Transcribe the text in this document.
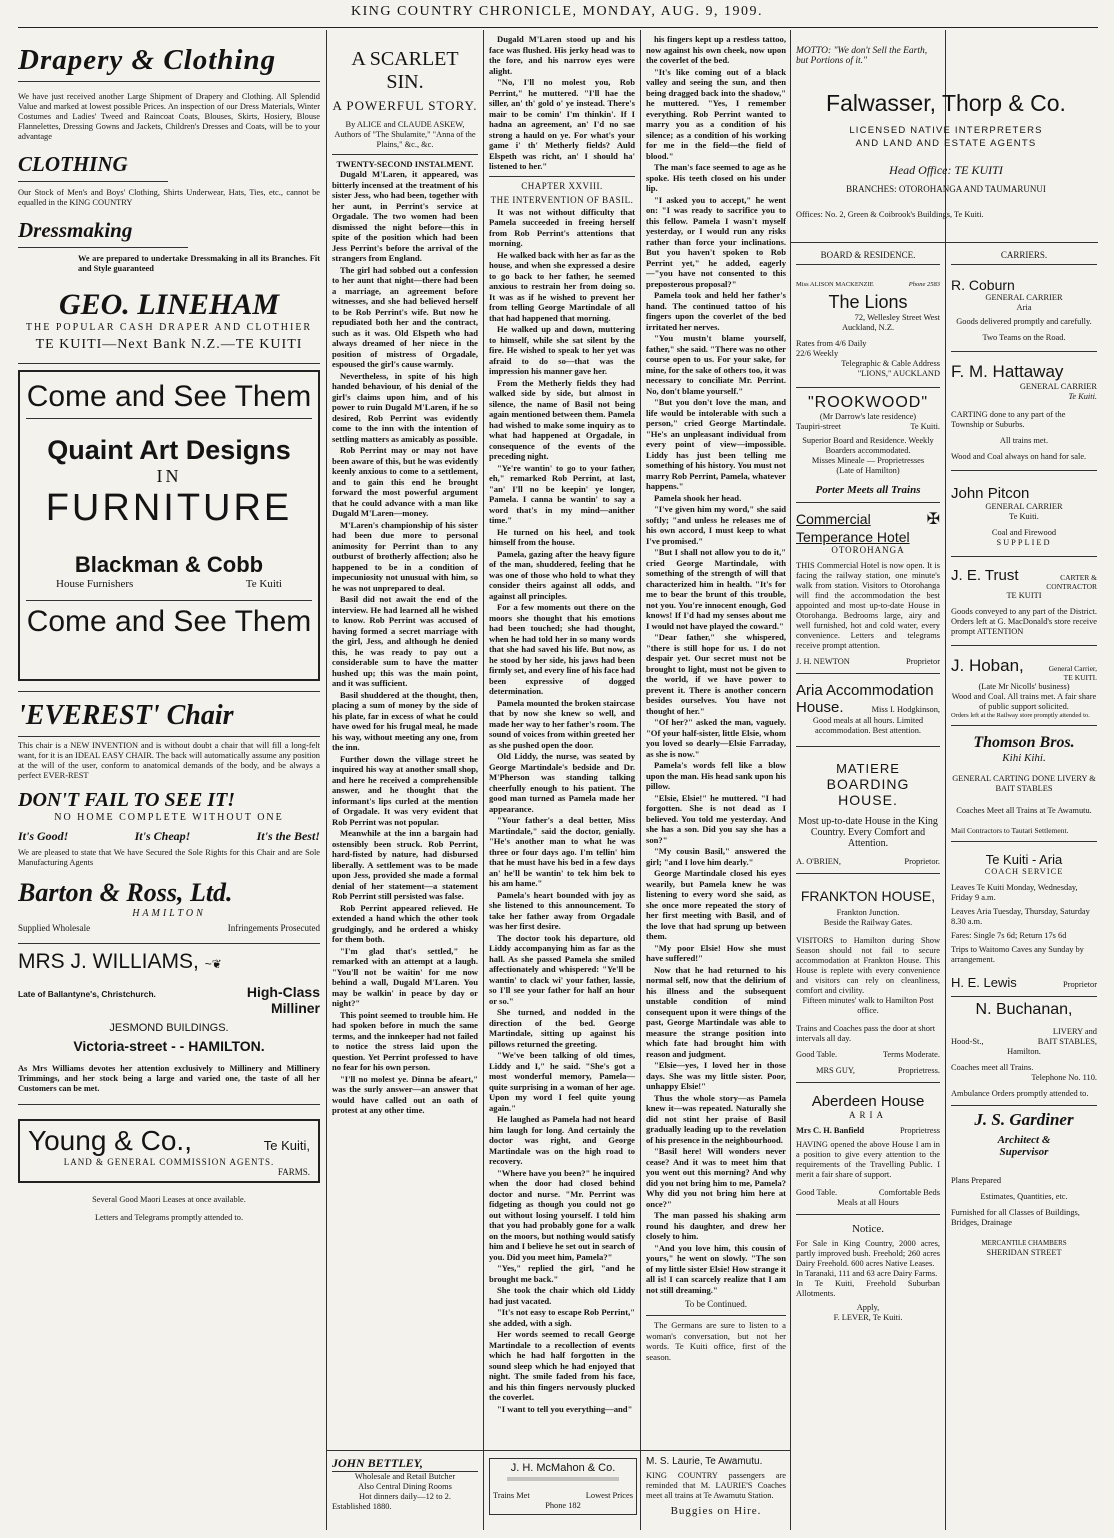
KING COUNTRY CHRONICLE, MONDAY, AUG. 9, 1909.
Drapery & Clothing
We have just received another Large Shipment of Drapery and Clothing. All Splendid Value and marked at lowest possible Prices. An inspection of our Dress Materials, Winter Costumes and Ladies' Tweed and Raincoat Coats, Blouses, Skirts, Hosiery, Blouse Flannelettes, Dressing Gowns and Jackets, Children's Dresses and Coats, will be to your advantage
CLOTHING
Our Stock of Men's and Boys' Clothing, Shirts Underwear, Hats, Ties, etc., cannot be equalled in the KING COUNTRY
Dressmaking
We are prepared to undertake Dressmaking in all its Branches. Fit and Style guaranteed
GEO. LINEHAM
THE POPULAR CASH DRAPER AND CLOTHIER
TE KUITI—Next Bank N.Z.—TE KUITI
Come and See Them
Quaint Art Designs
IN
FURNITURE
Blackman & Cobb
House Furnishers	Te Kuiti
Come and See Them
'EVEREST' Chair
This chair is a NEW INVENTION and is without doubt a chair that will fill a long-felt want, for it is an IDEAL EASY CHAIR. The back will automatically assume any position at the will of the user, conform to anatomical demands of the body, and be always a perfect EVER-REST
DON'T FAIL TO SEE IT!
NO HOME COMPLETE WITHOUT ONE
It's Good!	It's Cheap!	It's the Best!
We are pleased to state that We have Secured the Sole Rights for this Chair and are Sole Manufacturing Agents
Barton & Ross, Ltd.
HAMILTON
Supplied Wholesale	Infringements Prosecuted
MRS J. WILLIAMS, ~❦
Late of Ballantyne's, Christchurch.	High-Class
Milliner
JESMOND BUILDINGS.
Victoria-street - - HAMILTON.
As Mrs Williams devotes her attention exclusively to Millinery and Millinery Trimmings, and her stock being a large and varied one, the taste of all her Customers can be met.
Young & Co.,	Te Kuiti,
LAND & GENERAL COMMISSION AGENTS.
FARMS.
Several Good Maori Leases at once available.
Letters and Telegrams promptly attended to.
A SCARLET SIN.
A POWERFUL STORY.
By ALICE and CLAUDE ASKEW, Authors of "The Shulamite," "Anna of the Plains," &c., &c.
TWENTY-SECOND INSTALMENT.

Dugald M'Laren, it appeared, was bitterly incensed at the treatment of his sister Jess, who had been, together with her aunt, in Perrint's service at Orgadale. The two women had been dismissed the night before—this in spite of the position which had been Jess Perrint's before the arrival of the strangers from England.

The girl had sobbed out a confession to her aunt that night—there had been a marriage, an agreement before witnesses, and she had believed herself to be Rob Perrint's wife. But now he repudiated both her and the contract, such as it was. Old Elspeth who had always dreamed of her niece in the position of mistress of Orgadale, espoused the girl's cause warmly.

Nevertheless, in spite of his high handed behaviour, of his denial of the girl's claims upon him, and of his power to ruin Dugald M'Laren, if he so desired, Rob Perrint was evidently come to the inn with the intention of settling matters as amicably as possible.

Rob Perrint may or may not have been aware of this, but he was evidently keenly anxious to come to a settlement, and to gain this end he brought forward the most powerful argument that he could advance with a man like Dugald M'Laren—money.

M'Laren's championship of his sister had been due more to personal animosity for Perrint than to any outburst of brotherly affection; also he happened to be in a condition of impecuniosity not unusual with him, so he was not unprepared to deal.

Basil did not await the end of the interview. He had learned all he wished to know. Rob Perrint was accused of having formed a secret marriage with the girl, Jess, and although he denied this, he was ready to pay out a considerable sum to have the matter hushed up; this was the main point, and it was sufficient.

Basil shuddered at the thought, then, placing a sum of money by the side of his plate, far in excess of what he could have owed for his frugal meal, he made his way, without meeting any one, from the inn.

Further down the village street he inquired his way at another small shop, and here he received a comprehensible answer, and he thought that the informant's lips curled at the mention of Orgadale. It was very evident that Rob Perrint was not popular.

Meanwhile at the inn a bargain had ostensibly been struck. Rob Perrint, hard-fisted by nature, had disbursed liberally. A settlement was to be made upon Jess, provided she made a formal denial of her statement—a statement Rob Perrint still persisted was false.

Rob Perrint appeared relieved. He extended a hand which the other took grudgingly, and he ordered a whisky for them both.

"I'm glad that's settled," he remarked with an attempt at a laugh. "You'll not be waitin' for me now behind a wall, Dugald M'Laren. You may be walkin' in peace by day or night?"

This point seemed to trouble him. He had spoken before in much the same terms, and the innkeeper had not failed to notice the stress laid upon the question. Yet Perrint professed to have no fear for his own person.

"I'll no molest ye. Dinna be afeart," was the surly answer—an answer that would have called out an oath of protest at any other time.

Dugald M'Laren stood up and his face was flushed. His jerky head was to the fore, and his narrow eyes were alight.

"No, I'll no molest you, Rob Perrint," he muttered. "I'll hae the siller, an' th' gold o' ye instead. There's mair to be comin' I'm thinkin'. If I hadna an agreement, an' I'd no sae strong a hauld on ye. For what's your game i' th' Metherly fields? Auld Elspeth was richt, an' I should ha' listened to her."

CHAPTER XXVIII.
THE INTERVENTION OF BASIL.

It was not without difficulty that Pamela succeeded in freeing herself from Rob Perrint's attentions that morning.

He walked back with her as far as the house, and when she expressed a desire to go back to her father, he seemed anxious to restrain her from doing so. It was as if he wished to prevent her from telling George Martindale of all that had happened that morning.

He walked up and down, muttering to himself, while she sat silent by the fire. He wished to speak to her yet was afraid to do so—that was the impression his manner gave her.

From the Metherly fields they had walked side by side, but almost in silence, the name of Basil not being again mentioned between them. Pamela had wished to make some inquiry as to what had happened at Orgadale, in consequence of the events of the preceding night.

"Ye're wantin' to go to your father, eh," remarked Rob Perrint, at last, "an' I'll no be keepin' ye longer, Pamela. I canna be wantin' to say a word that's in my mind—anither time."

He turned on his heel, and took himself from the house.

Pamela, gazing after the heavy figure of the man, shuddered, feeling that he was one of those who hold to what they consider theirs against all odds, and against all principles.

For a few moments out there on the moors she thought that his emotions had been touched; she had thought, when he had told her in so many words that she had saved his life. But now, as he stood by her side, his jaws had been firmly set, and every line of his face had been expressive of dogged determination.

Pamela mounted the broken staircase that by now she knew so well, and made her way to her father's room. The sound of voices from within greeted her as she pushed open the door.

Old Liddy, the nurse, was seated by George Martindale's bedside and Dr. M'Pherson was standing talking cheerfully enough to his patient. The good man turned as Pamela made her appearance.

"Your father's a deal better, Miss Martindale," said the doctor, genially. "He's another man to what he was three or four days ago. I'm tellin' him that he must have his bed in a few days an' he'll be wantin' to tek him bek to his am hame."

Pamela's heart bounded with joy as she listened to this announcement. To take her father away from Orgadale was her first desire.

The doctor took his departure, old Liddy accompanying him as far as the hall. As she passed Pamela she smiled affectionately and whispered: "Ye'll be wantin' to clack wi' your father, lassie, so I'll see your father for half an hour or so."

She turned, and nodded in the direction of the bed. George Martindale, sitting up against his pillows returned the greeting.

"We've been talking of old times, Liddy and I," he said. "She's got a most wonderful memory, Pamela—quite surprising in a woman of her age. Upon my word I feel quite young again."

He laughed as Pamela had not heard him laugh for long. And certainly the doctor was right, and George Martindale was on the high road to recovery.

"Where have you been?" he inquired when the door had closed behind doctor and nurse. "Mr. Perrint was fidgeting as though you could not go out without losing yourself. I told him that you had probably gone for a walk on the moors, but nothing would satisfy him and I believe he set out in search of you. Did you meet him, Pamela?"

"Yes," replied the girl, "and he brought me back."

She took the chair which old Liddy had just vacated.

"It's not easy to escape Rob Perrint," she added, with a sigh.

Her words seemed to recall George Martindale to a recollection of events which he had half forgotten in the sound sleep which he had enjoyed that night. The smile faded from his face, and his thin fingers nervously plucked the coverlet.

"I want to tell you everything—and"

his fingers kept up a restless tattoo, now against his own cheek, now upon the coverlet of the bed.

"It's like coming out of a black valley and seeing the sun, and then being dragged back into the shadow," he muttered. "Yes, I remember everything. Rob Perrint wanted to marry you as a condition of his silence; as a condition of his working for me in the field—the field of blood."

The man's face seemed to age as he spoke. His teeth closed on his under lip.

"I asked you to accept," he went on: "I was ready to sacrifice you to this fellow. Pamela I wasn't myself yesterday, or I would run any risks rather than force your inclinations. But you haven't spoken to Rob Perrint yet," he added, eagerly —"you have not consented to this preposterous proposal?"

Pamela took and held her father's hand. The continued tattoo of his fingers upon the coverlet of the bed irritated her nerves.

"You mustn't blame yourself, father," she said. "There was no other course open to us. For your sake, for mine, for the sake of others too, it was necessary to conciliate Mr. Perrint. No, don't blame yourself."

"But you don't love the man, and life would be intolerable with such a person," cried George Martindale. "He's an unpleasant individual from every point of view—impossible. Liddy has just been telling me something of his history. You must not marry Rob Perrint, Pamela, whatever happens."

Pamela shook her head.

"I've given him my word," she said softly; "and unless he releases me of his own accord, I must keep to what I've promised."

"But I shall not allow you to do it," cried George Martindale, with something of the strength of will that characterized him in health. "It's for me to bear the brunt of this trouble, not you. You're innocent enough, God knows! If I'd had my senses about me I would not have played the coward."

"Dear father," she whispered, "there is still hope for us. I do not despair yet. Our secret must not be brought to light, must not be given to the world, if we have power to prevent it. There is another concern besides ourselves. You have not thought of her."

"Of her?" asked the man, vaguely. "Of your half-sister, little Elsie, whom you loved so dearly—Elsie Farraday, as she is now."

Pamela's words fell like a blow upon the man. His head sank upon his pillow.

"Elsie, Elsie!" he muttered. "I had forgotten. She is not dead as I believed. You told me yesterday. And she has a son. Did you say she has a son?"

"My cousin Basil," answered the girl; "and I love him dearly."

George Martindale closed his eyes wearily, but Pamela knew he was listening to every word she said, as she once more repeated the story of her first meeting with Basil, and of the love that had sprung up between them.

"My poor Elsie! How she must have suffered!"

Now that he had returned to his normal self, now that the delirium of his illness and the subsequent unstable condition of mind consequent upon it were things of the past, George Martindale was able to measure the strange position into which fate had brought him with reason and judgment.

"Elsie—yes, I loved her in those days. She was my little sister. Poor, unhappy Elsie!"

Thus the whole story—as Pamela knew it—was repeated. Naturally she did not stint her praise of Basil gradually leading up to the revelation of his presence in the neighbourhood.

"Basil here! Will wonders never cease? And it was to meet him that you went out this morning? And why did you not bring him to me, Pamela? Why did you not bring him here at once?"

The man passed his shaking arm round his daughter, and drew her closely to him.

"And you love him, this cousin of yours," he went on slowly. "The son of my little sister Elsie! How strange it all is! I can scarcely realize that I am not still dreaming."

To be Continued.

The Germans are sure to listen to a woman's conversation, but not her words. Te Kuiti office, first of the season.

JOHN BETTLEY,
Wholesale and Retail Butcher
Also Central Dining Rooms
Hot dinners daily—12 to 2.
Established 1880.
J. H. McMahon & Co.
Trains Met	Lowest Prices
Phone 182
M. S. Laurie, Te Awamutu.
KING COUNTRY passengers are reminded that M. LAURIE'S Coaches meet all trains at Te Awamutu Station.
Buggies on Hire.
MOTTO: "We don't Sell the Earth, but Portions of it."
Falwasser, Thorp & Co.
LICENSED NATIVE INTERPRETERS
AND LAND AND ESTATE AGENTS
Head Office: TE KUITI
BRANCHES: OTOROHANGA AND TAUMARUNUI
Offices: No. 2, Green & Coibrook's Buildings, Te Kuiti.
BOARD & RESIDENCE.
Miss ALISON MACKENZIE	Phone 2583
The Lions
72, Wellesley Street West
Auckland, N.Z.
Rates from 4/6 Daily
22/6 Weekly
Telegraphic & Cable Address
"LIONS," AUCKLAND
"ROOKWOOD"
(Mr Darrow's late residence)
Taupiri-street	Te Kuiti.
Superior Board and Residence. Weekly Boarders accommodated.
Misses Mineale — Proprietresses
(Late of Hamilton)
Porter Meets all Trains
Commercial	✠
Temperance Hotel
OTOROHANGA
THIS Commercial Hotel is now open. It is facing the railway station, one minute's walk from station. Visitors to Otorohanga will find the accommodation the best appointed and most up-to-date House in Otorohanga. Bedrooms large, airy and well furnished, hot and cold water, every convenience. Letters and telegrams receive prompt attention.
J. H. NEWTON	Proprietor
Aria Accommodation
House.	Miss I. Hodgkinson,
Good meals at all hours. Limited accommodation. Best attention.
MATIERE
BOARDING HOUSE.
Most up-to-date House in the King Country. Every Comfort and Attention.
A. O'BRIEN,	Proprietor.
FRANKTON HOUSE,
Frankton Junction.
Beside the Railway Gates.
VISITORS to Hamilton during Show Season should not fail to secure accommodation at Frankton House. This House is replete with every convenience and visitors can rely on cleanliness, comfort and civility.
Fifteen minutes' walk to Hamilton Post office.
Trains and Coaches pass the door at short intervals all day.
Good Table.	Terms Moderate.
MRS GUY,	Proprietress.
Aberdeen House
ARIA
Mrs C. H. Banfield	Proprietress
HAVING opened the above House I am in a position to give every attention to the requirements of the Travelling Public. I merit a fair share of support.
Good Table.	Comfortable Beds
Meals at all Hours
Notice.
For Sale in King Country, 2000 acres, partly improved bush. Freehold; 260 acres Dairy Freehold. 600 acres Native Leases.
In Taranaki, 111 and 63 acre Dairy Farms.
In Te Kuiti, Freehold Suburban Allotments.
Apply,
F. LEVER, Te Kuiti.
CARRIERS.
R. Coburn
GENERAL CARRIER
Aria
Goods delivered promptly and carefully.
Two Teams on the Road.
F. M. Hattaway
GENERAL CARRIER
Te Kuiti.
CARTING done to any part of the Township or Suburbs.
All trains met.
Wood and Coal always on hand for sale.
John Pitcon
GENERAL CARRIER
Te Kuiti.
Coal and Firewood
SUPPLIED
J. E. Trust	CARTER &
CONTRACTOR
TE KUITI
Goods conveyed to any part of the District. Orders left at G. MacDonald's store receive prompt ATTENTION
J. Hoban,	General Carrier,
TE KUITI.
(Late Mr Nicolls' business)
Wood and Coal. All trains met. A fair share of public support solicited.
Orders left at the Railway store promptly attended to.
Thomson Bros.
Kihi Kihi.
GENERAL CARTING DONE LIVERY & BAIT STABLES
Coaches Meet all Trains at Te Awamutu.
Mail Contractors to Tautari Settlement.
Te Kuiti - Aria
COACH SERVICE
Leaves Te Kuiti Monday, Wednesday, Friday 9 a.m.
Leaves Aria Tuesday, Thursday, Saturday 8.30 a.m.
Fares: Single 7s 6d; Return 17s 6d
Trips to Waitomo Caves any Sunday by arrangement.
H. E. Lewis	Proprietor
N. Buchanan,
LIVERY and
Hood-St.,	BAIT STABLES,
Hamilton.
Coaches meet all Trains.
Telephone No. 110.
Ambulance Orders promptly attended to.
J. S. Gardiner
Architect &
Supervisor
Plans Prepared
Estimates, Quantities, etc.
Furnished for all Classes of Buildings, Bridges, Drainage
MERCANTILE CHAMBERS
SHERIDAN STREET
